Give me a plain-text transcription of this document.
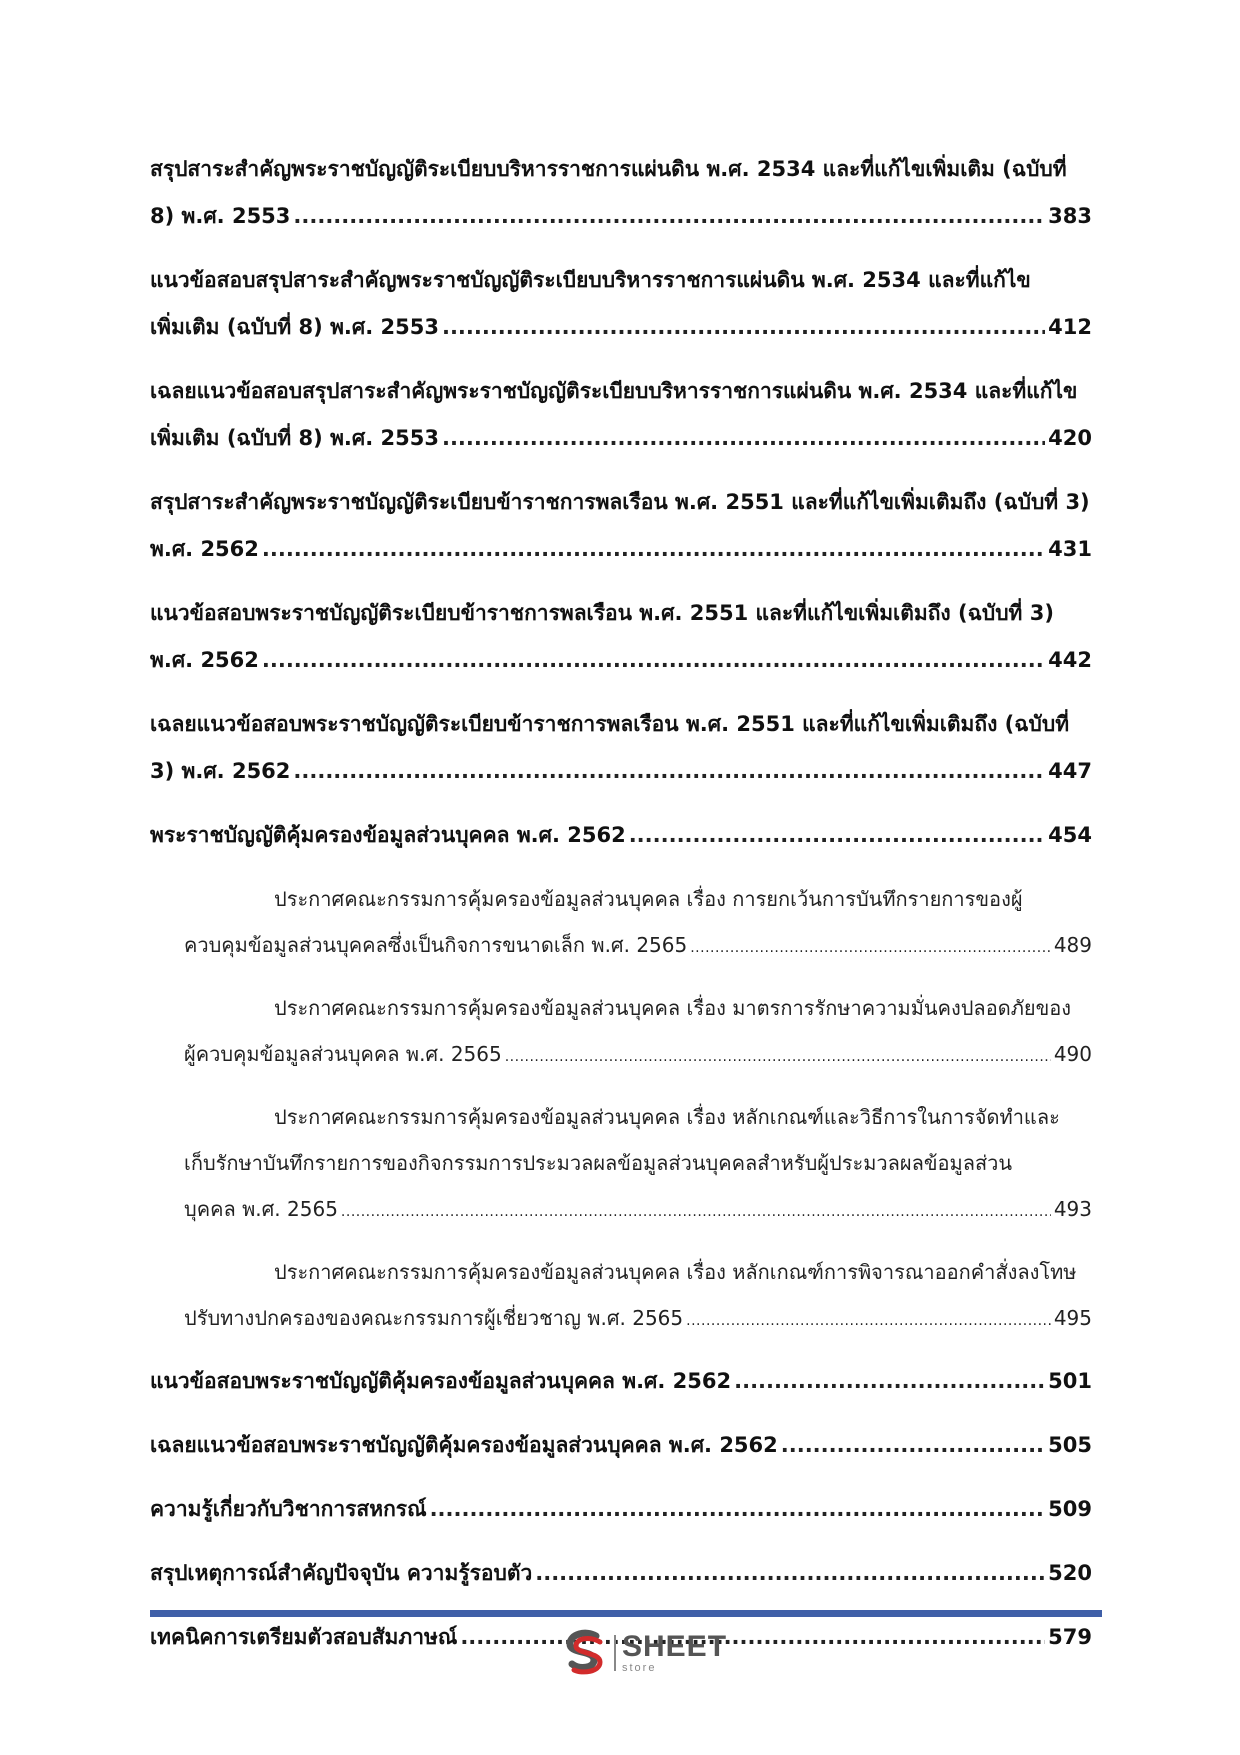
สรุปสาระสำคัญพระราชบัญญัติระเบียบบริหารราชการแผ่นดิน พ.ศ. 2534 และที่แก้ไขเพิ่มเติม (ฉบับที่
8) พ.ศ. 2553 .....	383
แนวข้อสอบสรุปสาระสำคัญพระราชบัญญัติระเบียบบริหารราชการแผ่นดิน พ.ศ. 2534 และที่แก้ไข
เพิ่มเติม (ฉบับที่ 8) พ.ศ. 2553 .....	412
เฉลยแนวข้อสอบสรุปสาระสำคัญพระราชบัญญัติระเบียบบริหารราชการแผ่นดิน พ.ศ. 2534 และที่แก้ไข
เพิ่มเติม (ฉบับที่ 8) พ.ศ. 2553 .....	420
สรุปสาระสำคัญพระราชบัญญัติระเบียบข้าราชการพลเรือน พ.ศ. 2551 และที่แก้ไขเพิ่มเติมถึง (ฉบับที่ 3)
พ.ศ. 2562 .....	431
แนวข้อสอบพระราชบัญญัติระเบียบข้าราชการพลเรือน พ.ศ. 2551 และที่แก้ไขเพิ่มเติมถึง (ฉบับที่ 3)
พ.ศ. 2562 .....	442
เฉลยแนวข้อสอบพระราชบัญญัติระเบียบข้าราชการพลเรือน พ.ศ. 2551 และที่แก้ไขเพิ่มเติมถึง (ฉบับที่
3) พ.ศ. 2562 .....	447
พระราชบัญญัติคุ้มครองข้อมูลส่วนบุคคล พ.ศ. 2562 .....	454
ประกาศคณะกรรมการคุ้มครองข้อมูลส่วนบุคคล เรื่อง การยกเว้นการบันทึกรายการของผู้
ควบคุมข้อมูลส่วนบุคคลซึ่งเป็นกิจการขนาดเล็ก พ.ศ. 2565 .....	489
ประกาศคณะกรรมการคุ้มครองข้อมูลส่วนบุคคล เรื่อง มาตรการรักษาความมั่นคงปลอดภัยของ
ผู้ควบคุมข้อมูลส่วนบุคคล พ.ศ. 2565 .....	490
ประกาศคณะกรรมการคุ้มครองข้อมูลส่วนบุคคล เรื่อง หลักเกณฑ์และวิธีการในการจัดทำและ
เก็บรักษาบันทึกรายการของกิจกรรมการประมวลผลข้อมูลส่วนบุคคลสำหรับผู้ประมวลผลข้อมูลส่วน
บุคคล พ.ศ. 2565 .....	493
ประกาศคณะกรรมการคุ้มครองข้อมูลส่วนบุคคล เรื่อง หลักเกณฑ์การพิจารณาออกคำสั่งลงโทษ
ปรับทางปกครองของคณะกรรมการผู้เชี่ยวชาญ พ.ศ. 2565 .....	495
แนวข้อสอบพระราชบัญญัติคุ้มครองข้อมูลส่วนบุคคล พ.ศ. 2562 .....	501
เฉลยแนวข้อสอบพระราชบัญญัติคุ้มครองข้อมูลส่วนบุคคล พ.ศ. 2562 .....	505
ความรู้เกี่ยวกับวิชาการสหกรณ์ .....	509
สรุปเหตุการณ์สำคัญปัจจุบัน ความรู้รอบตัว .....	520
เทคนิคการเตรียมตัวสอบสัมภาษณ์ .....	579
SHEET
store
